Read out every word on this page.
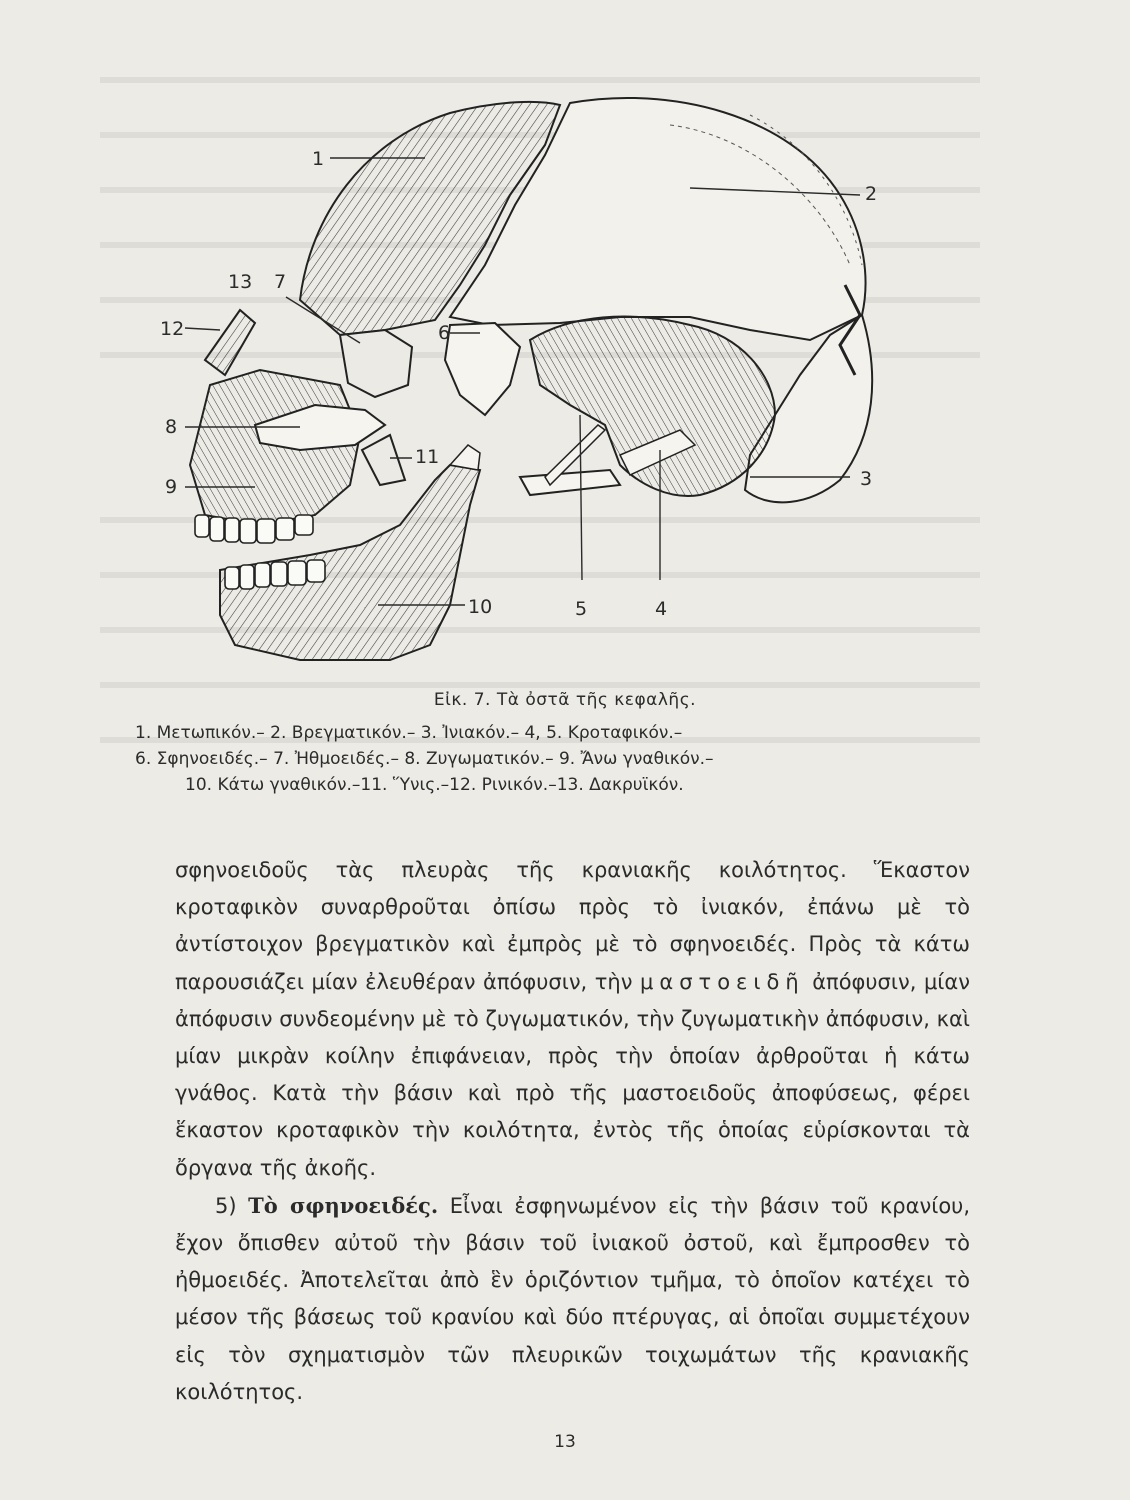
1
2
3
4
5
6
7
8
9
10
11
12
13
Εἰκ. 7. Τὰ ὀστᾶ τῆς κεφαλῆς.
1. Μετωπικόν.– 2. Βρεγματικόν.– 3. Ἰνιακόν.– 4, 5. Κροταφικόν.–
6. Σφηνοειδές.– 7. Ἠθμοειδές.– 8. Ζυγωματικόν.– 9. Ἄνω γναθικόν.–
10. Κάτω γναθικόν.–11. Ὕνις.–12. Ρινικόν.–13. Δακρυϊκόν.

σφηνοειδοῦς τὰς πλευρὰς τῆς κρανιακῆς κοιλότητος. Ἕκαστον κροταφικὸν συναρθροῦται ὀπίσω πρὸς τὸ ἰνιακόν, ἐπάνω μὲ τὸ ἀντίστοιχον βρεγματικὸν καὶ ἐμπρὸς μὲ τὸ σφηνοειδές. Πρὸς τὰ κάτω παρουσιάζει μίαν ἐλευθέραν ἀπόφυσιν, τὴν μαστοειδῆ ἀπόφυσιν, μίαν ἀπόφυσιν συνδεομένην μὲ τὸ ζυγωματικόν, τὴν ζυγωματικὴν ἀπόφυσιν, καὶ μίαν μικρὰν κοίλην ἐπιφάνειαν, πρὸς τὴν ὁποίαν ἀρθροῦται ἡ κάτω γνάθος. Κατὰ τὴν βάσιν καὶ πρὸ τῆς μαστοειδοῦς ἀποφύσεως, φέρει ἕκαστον κροταφικὸν τὴν κοιλότητα, ἐντὸς τῆς ὁποίας εὑρίσκονται τὰ ὄργανα τῆς ἀκοῆς.

5) Τὸ σφηνοειδές. Εἶναι ἐσφηνωμένον εἰς τὴν βάσιν τοῦ κρανίου, ἔχον ὄπισθεν αὐτοῦ τὴν βάσιν τοῦ ἰνιακοῦ ὀστοῦ, καὶ ἔμπροσθεν τὸ ἠθμοειδές. Ἀποτελεῖται ἀπὸ ἓν ὁριζόντιον τμῆμα, τὸ ὁποῖον κατέχει τὸ μέσον τῆς βάσεως τοῦ κρανίου καὶ δύο πτέρυγας, αἱ ὁποῖαι συμμετέχουν εἰς τὸν σχηματισμὸν τῶν πλευρικῶν τοιχωμάτων τῆς κρανιακῆς κοιλότητος.

13
